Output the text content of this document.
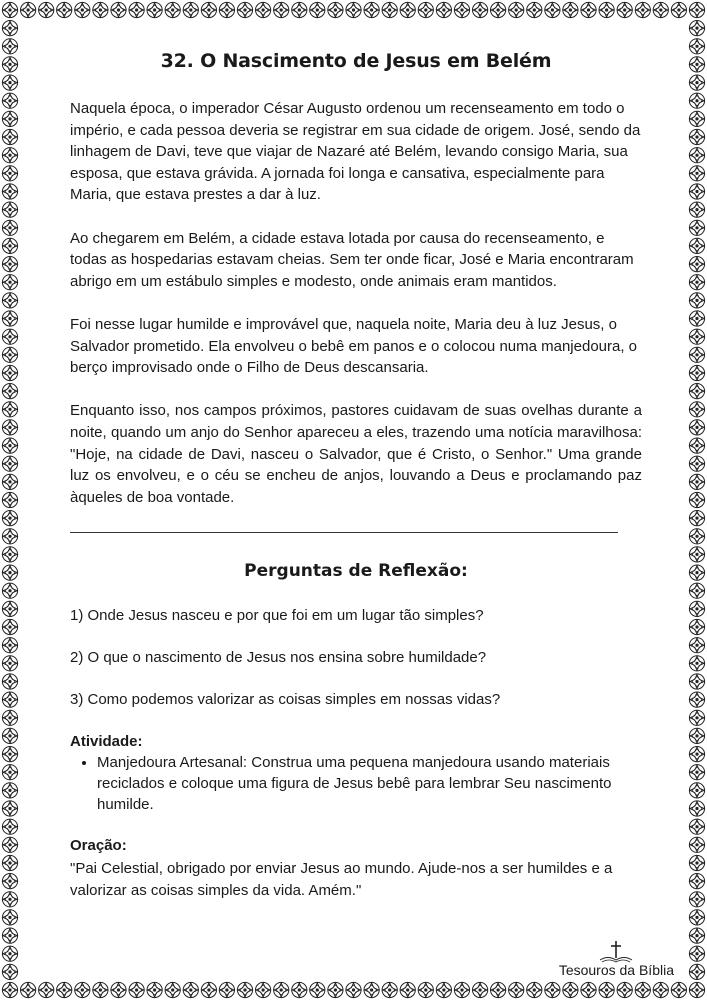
32. O Nascimento de Jesus em Belém

Naquela época, o imperador César Augusto ordenou um recenseamento em todo o império, e cada pessoa deveria se registrar em sua cidade de origem. José, sendo da linhagem de Davi, teve que viajar de Nazaré até Belém, levando consigo Maria, sua esposa, que estava grávida. A jornada foi longa e cansativa, especialmente para Maria, que estava prestes a dar à luz.

Ao chegarem em Belém, a cidade estava lotada por causa do recenseamento, e todas as hospedarias estavam cheias. Sem ter onde ficar, José e Maria encontraram abrigo em um estábulo simples e modesto, onde animais eram mantidos.

Foi nesse lugar humilde e improvável que, naquela noite, Maria deu à luz Jesus, o Salvador prometido. Ela envolveu o bebê em panos e o colocou numa manjedoura, o berço improvisado onde o Filho de Deus descansaria.

Enquanto isso, nos campos próximos, pastores cuidavam de suas ovelhas durante a noite, quando um anjo do Senhor apareceu a eles, trazendo uma notícia maravilhosa: "Hoje, na cidade de Davi, nasceu o Salvador, que é Cristo, o Senhor." Uma grande luz os envolveu, e o céu se encheu de anjos, louvando a Deus e proclamando paz àqueles de boa vontade.

Perguntas de Reflexão:

1) Onde Jesus nasceu e por que foi em um lugar tão simples?

2) O que o nascimento de Jesus nos ensina sobre humildade?

3) Como podemos valorizar as coisas simples em nossas vidas?

Atividade:

• Manjedoura Artesanal: Construa uma pequena manjedoura usando materiais reciclados e coloque uma figura de Jesus bebê para lembrar Seu nascimento humilde.

Oração:

"Pai Celestial, obrigado por enviar Jesus ao mundo. Ajude-nos a ser humildes e a valorizar as coisas simples da vida. Amém."

Tesouros da Bíblia
